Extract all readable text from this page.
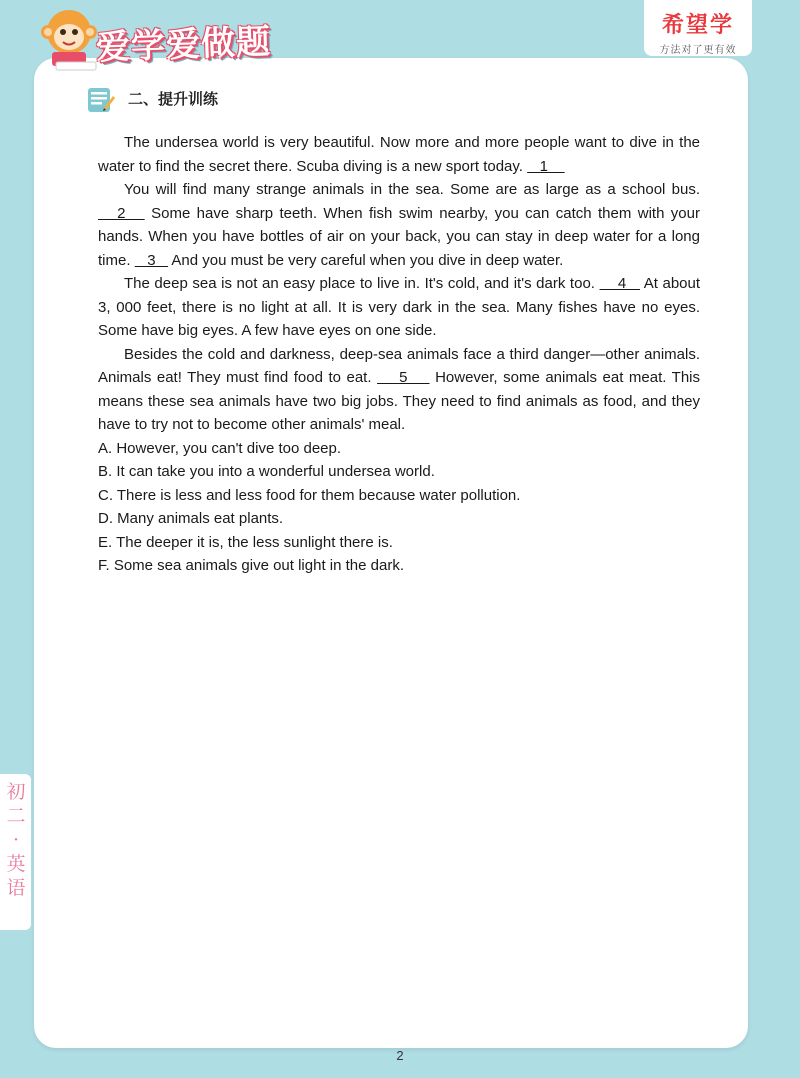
爱学爱做题	希望学
方法对了更有效
二、提升训练

The undersea world is very beautiful. Now more and more people want to dive in the water to find the secret there. Scuba diving is a new sport today.    1

You will find many strange animals in the sea. Some are as large as a school bus.    2    Some have sharp teeth. When fish swim nearby, you can catch them with your hands. When you have bottles of air on your back, you can stay in deep water for a long time.    3    And you must be very careful when you dive in deep water.

The deep sea is not an easy place to live in. It's cold, and it's dark too.     4    At about 3, 000 feet, there is no light at all. It is very dark in the sea. Many fishes have no eyes. Some have big eyes. A few have eyes on one side.

Besides the cold and darkness, deep-sea animals face a third danger—other animals. Animals eat! They must find food to eat.     5     However, some animals eat meat. This means these sea animals have two big jobs. They need to find animals as food, and they have to try not to become other animals' meal.

A. However, you can't dive too deep.

B. It can take you into a wonderful undersea world.

C. There is less and less food for them because water pollution.

D. Many animals eat plants.

E. The deeper it is, the less sunlight there is.

F. Some sea animals give out light in the dark.

初二·英语
2
